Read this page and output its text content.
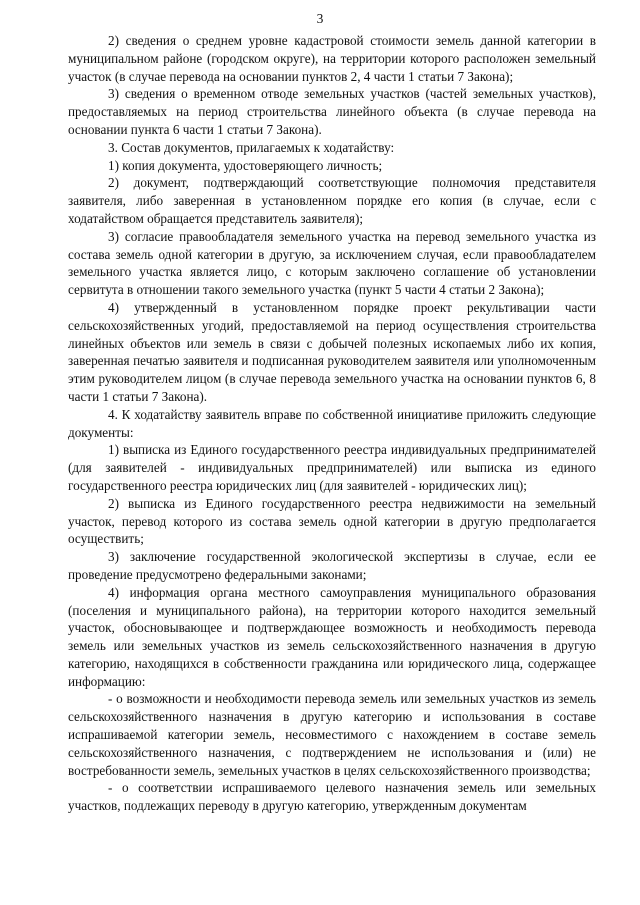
3

2) сведения о среднем уровне кадастровой стоимости земель данной категории в муниципальном районе (городском округе), на территории которого расположен земельный участок (в случае перевода на основании пунктов 2, 4 части 1 статьи 7 Закона);

3) сведения о временном отводе земельных участков (частей земельных участков), предоставляемых на период строительства линейного объекта (в случае перевода на основании пункта 6 части 1 статьи 7 Закона).

3. Состав документов, прилагаемых к ходатайству:

1) копия документа, удостоверяющего личность;

2) документ, подтверждающий соответствующие полномочия представителя заявителя, либо заверенная в установленном порядке его копия (в случае, если с ходатайством обращается представитель заявителя);

3) согласие правообладателя земельного участка на перевод земельного участка из состава земель одной категории в другую, за исключением случая, если правообладателем земельного участка является лицо, с которым заключено соглашение об установлении сервитута в отношении такого земельного участка (пункт 5 части 4 статьи 2 Закона);

4) утвержденный в установленном порядке проект рекультивации части сельскохозяйственных угодий, предоставляемой на период осуществления строительства линейных объектов или земель в связи с добычей полезных ископаемых либо их копия, заверенная печатью заявителя и подписанная руководителем заявителя или уполномоченным этим руководителем лицом (в случае перевода земельного участка на основании пунктов 6, 8 части 1 статьи 7 Закона).

4. К ходатайству заявитель вправе по собственной инициативе приложить следующие документы:

1) выписка из Единого государственного реестра индивидуальных предпринимателей (для заявителей - индивидуальных предпринимателей) или выписка из единого государственного реестра юридических лиц (для заявителей - юридических лиц);

2) выписка из Единого государственного реестра недвижимости на земельный участок, перевод которого из состава земель одной категории в другую предполагается осуществить;

3) заключение государственной экологической экспертизы в случае, если ее проведение предусмотрено федеральными законами;

4) информация органа местного самоуправления муниципального образования (поселения и муниципального района), на территории которого находится земельный участок, обосновывающее и подтверждающее возможность и необходимость перевода земель или земельных участков из земель сельскохозяйственного назначения в другую категорию, находящихся в собственности гражданина или юридического лица, содержащее информацию:

- о возможности и необходимости перевода земель или земельных участков из земель сельскохозяйственного назначения в другую категорию и использования в составе испрашиваемой категории земель, несовместимого с нахождением в составе земель сельскохозяйственного назначения, с подтверждением не использования и (или) не востребованности земель, земельных участков в целях сельскохозяйственного производства;

- о соответствии испрашиваемого целевого назначения земель или земельных участков, подлежащих переводу в другую категорию, утвержденным документам
